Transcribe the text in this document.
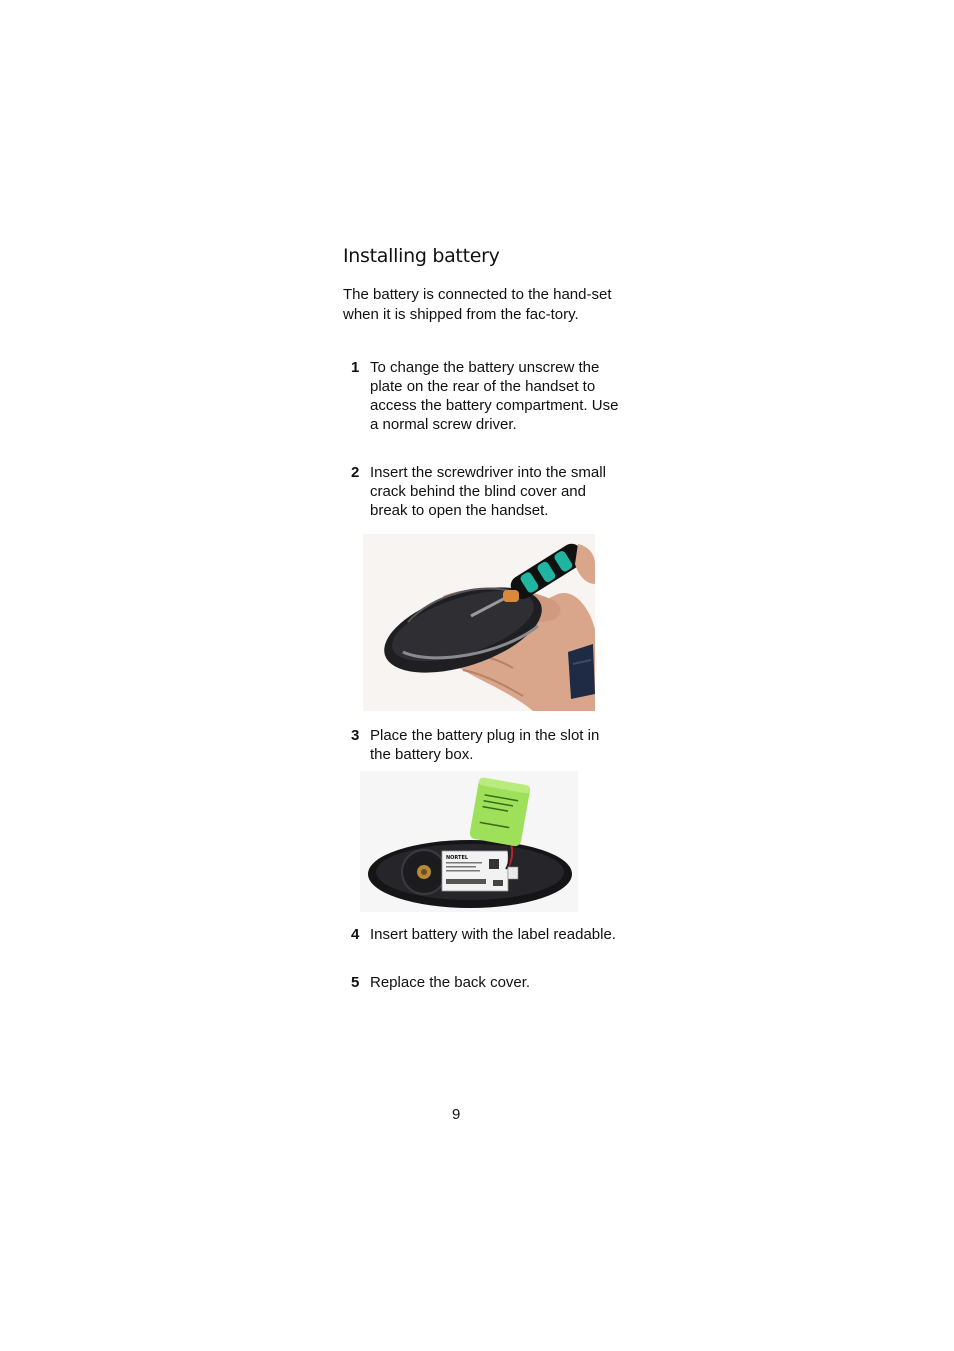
Installing battery

The battery is connected to the hand-set when it is shipped from the fac-tory.

1 To change the battery unscrew the plate on the rear of the handset to access the battery compartment. Use a normal screw driver.
2 Insert the screwdriver into the small crack behind the blind cover and break to open the handset.
3 Place the battery plug in the slot in the battery box.
NORTEL
4 Insert battery with the label readable.
5 Replace the back cover.
9
